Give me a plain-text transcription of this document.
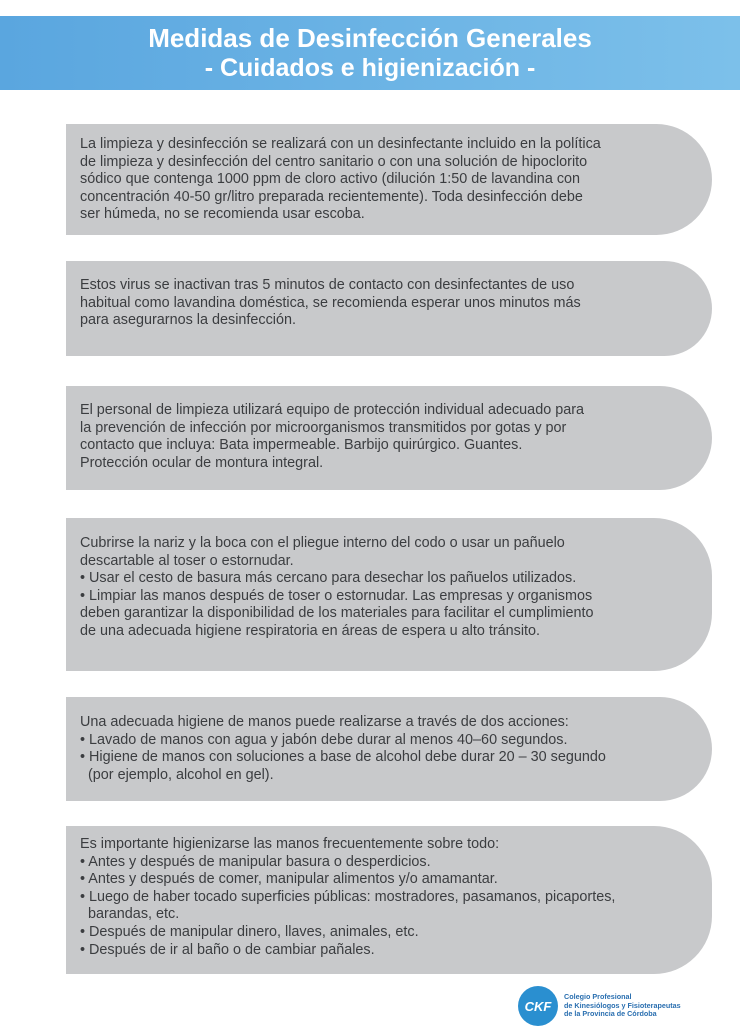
Medidas de Desinfección Generales
- Cuidados e higienización -

La limpieza y desinfección se realizará con un desinfectante incluido en la política

de limpieza y desinfección del centro sanitario o con una solución de hipoclorito

sódico que contenga 1000 ppm de cloro activo (dilución 1:50 de lavandina con

concentración 40-50 gr/litro preparada recientemente). Toda desinfección debe

ser húmeda, no se recomienda usar escoba.

Estos virus se inactivan tras 5 minutos de contacto con desinfectantes de uso

habitual como lavandina doméstica, se recomienda esperar unos minutos más

para asegurarnos la desinfección.

El personal de limpieza utilizará equipo de protección individual adecuado para

la prevención de infección por microorganismos transmitidos por gotas y por

contacto que incluya: Bata impermeable. Barbijo quirúrgico. Guantes.

Protección ocular de montura integral.

Cubrirse la nariz y la boca con el pliegue interno del codo o usar un pañuelo

descartable al toser o estornudar.

• Usar el cesto de basura más cercano para desechar los pañuelos utilizados.

• Limpiar las manos después de toser o estornudar. Las empresas y organismos

deben garantizar la disponibilidad de los materiales para facilitar el cumplimiento

de una adecuada higiene respiratoria en áreas de espera u alto tránsito.

Una adecuada higiene de manos puede realizarse a través de dos acciones:

• Lavado de manos con agua y jabón debe durar al menos 40–60 segundos.

• Higiene de manos con soluciones a base de alcohol debe durar 20 – 30 segundo

(por ejemplo, alcohol en gel).

Es importante higienizarse las manos frecuentemente sobre todo:

• Antes y después de manipular basura o desperdicios.

• Antes y después de comer, manipular alimentos y/o amamantar.

• Luego de haber tocado superficies públicas: mostradores, pasamanos, picaportes,

barandas, etc.

• Después de manipular dinero, llaves, animales, etc.

• Después de ir al baño o de cambiar pañales.

CKF
Colegio Profesional
de Kinesiólogos y Fisioterapeutas
de la Provincia de Córdoba
